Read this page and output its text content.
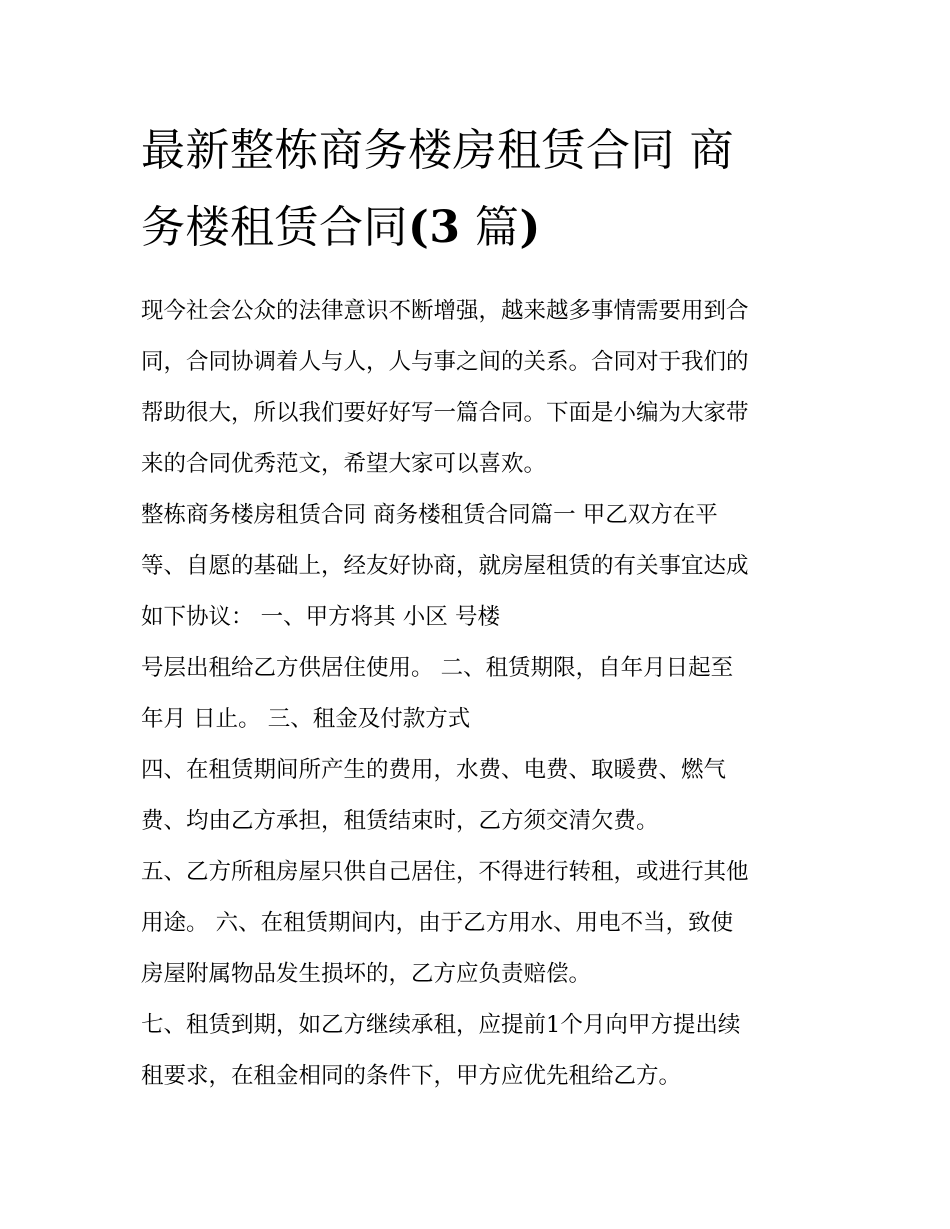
最新整栋商务楼房租赁合同 商
务楼租赁合同(3 篇)

现今社会公众的法律意识不断增强，越来越多事情需要用到合

同，合同协调着人与人，人与事之间的关系。合同对于我们的

帮助很大，所以我们要好好写一篇合同。下面是小编为大家带

来的合同优秀范文，希望大家可以喜欢。

整栋商务楼房租赁合同 商务楼租赁合同篇一 甲乙双方在平

等、自愿的基础上，经友好协商，就房屋租赁的有关事宜达成

如下协议： 一、甲方将其 小区 号楼

号层出租给乙方供居住使用。 二、租赁期限，自年月日起至

年月 日止。 三、租金及付款方式

四、在租赁期间所产生的费用，水费、电费、取暖费、燃气

费、均由乙方承担，租赁结束时，乙方须交清欠费。

五、乙方所租房屋只供自己居住，不得进行转租，或进行其他

用途。 六、在租赁期间内，由于乙方用水、用电不当，致使

房屋附属物品发生损坏的，乙方应负责赔偿。

七、租赁到期，如乙方继续承租，应提前1个月向甲方提出续

租要求，在租金相同的条件下，甲方应优先租给乙方。
